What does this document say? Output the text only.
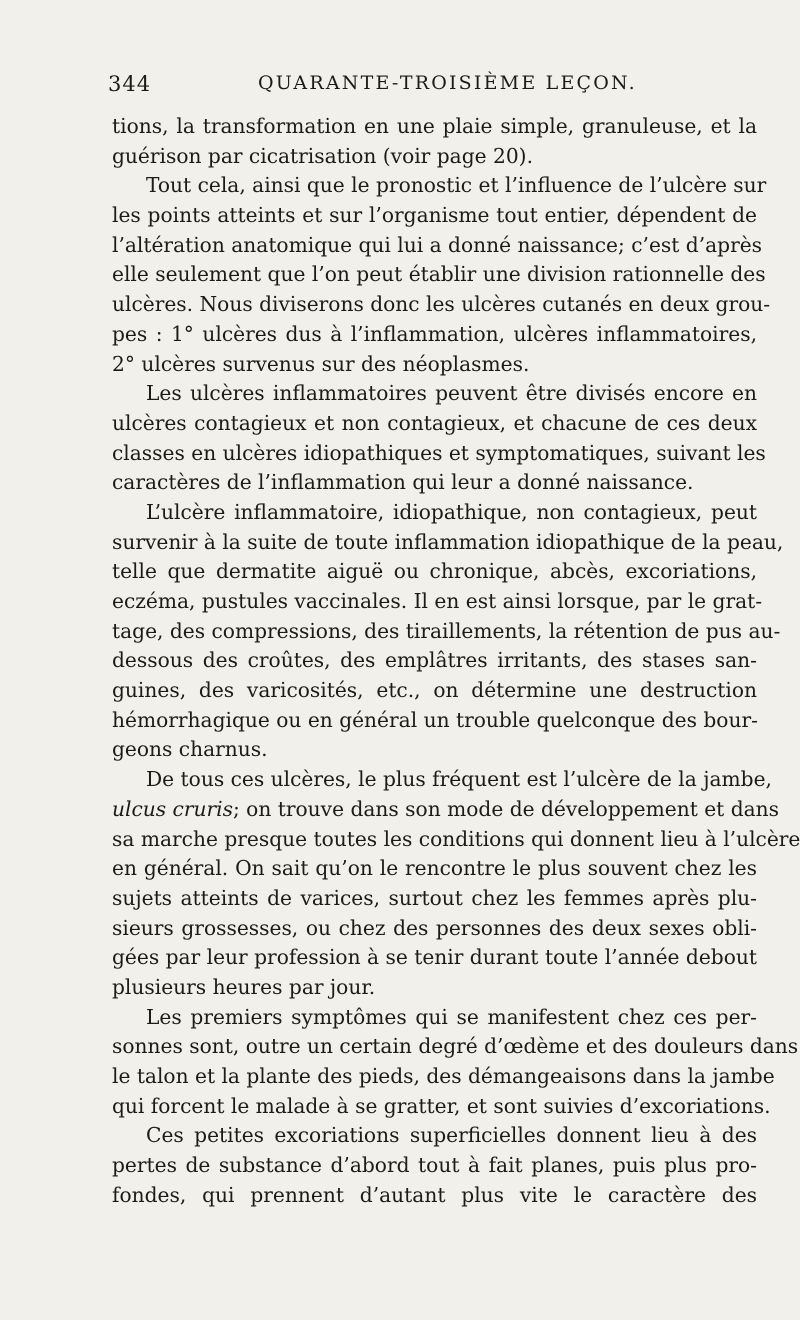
344	QUARANTE-TROISIÈME LEÇON.
tions, la transformation en une plaie simple, granuleuse, et la
guérison par cicatrisation (voir page 20).
Tout cela, ainsi que le pronostic et l’influence de l’ulcère sur
les points atteints et sur l’organisme tout entier, dépendent de
l’altération anatomique qui lui a donné naissance; c’est d’après
elle seulement que l’on peut établir une division rationnelle des
ulcères. Nous diviserons donc les ulcères cutanés en deux grou-
pes : 1° ulcères dus à l’inflammation, ulcères inflammatoires,
2° ulcères survenus sur des néoplasmes.
Les ulcères inflammatoires peuvent être divisés encore en
ulcères contagieux et non contagieux, et chacune de ces deux
classes en ulcères idiopathiques et symptomatiques, suivant les
caractères de l’inflammation qui leur a donné naissance.
L’ulcère inflammatoire, idiopathique, non contagieux, peut
survenir à la suite de toute inflammation idiopathique de la peau,
telle que dermatite aiguë ou chronique, abcès, excoriations,
eczéma, pustules vaccinales. Il en est ainsi lorsque, par le grat-
tage, des compressions, des tiraillements, la rétention de pus au-
dessous des croûtes, des emplâtres irritants, des stases san-
guines, des varicosités, etc., on détermine une destruction
hémorrhagique ou en général un trouble quelconque des bour-
geons charnus.
De tous ces ulcères, le plus fréquent est l’ulcère de la jambe,
ulcus cruris; on trouve dans son mode de développement et dans
sa marche presque toutes les conditions qui donnent lieu à l’ulcère
en général. On sait qu’on le rencontre le plus souvent chez les
sujets atteints de varices, surtout chez les femmes après plu-
sieurs grossesses, ou chez des personnes des deux sexes obli-
gées par leur profession à se tenir durant toute l’année debout
plusieurs heures par jour.
Les premiers symptômes qui se manifestent chez ces per-
sonnes sont, outre un certain degré d’œdème et des douleurs dans
le talon et la plante des pieds, des démangeaisons dans la jambe
qui forcent le malade à se gratter, et sont suivies d’excoriations.
Ces petites excoriations superficielles donnent lieu à des
pertes de substance d’abord tout à fait planes, puis plus pro-
fondes, qui prennent d’autant plus vite le caractère des
